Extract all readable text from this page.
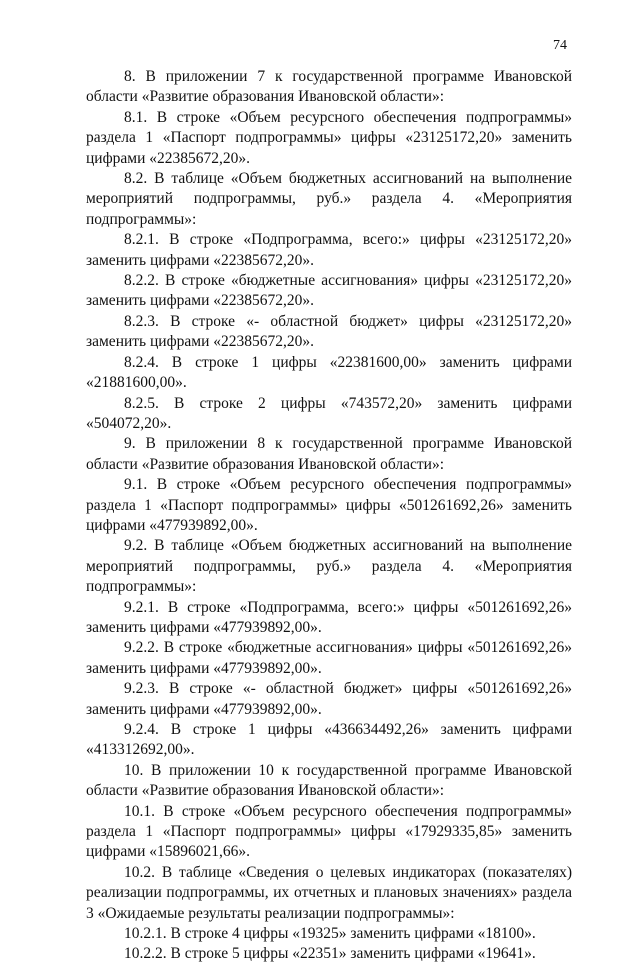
74

8. В приложении 7 к государственной программе Ивановской области «Развитие образования Ивановской области»:

8.1. В строке «Объем ресурсного обеспечения подпрограммы» раздела 1 «Паспорт подпрограммы» цифры «23125172,20» заменить цифрами «22385672,20».

8.2. В таблице «Объем бюджетных ассигнований на выполнение мероприятий подпрограммы, руб.» раздела 4. «Мероприятия подпрограммы»:

8.2.1. В строке «Подпрограмма, всего:» цифры «23125172,20» заменить цифрами «22385672,20».

8.2.2. В строке «бюджетные ассигнования» цифры «23125172,20» заменить цифрами «22385672,20».

8.2.3. В строке «- областной бюджет» цифры «23125172,20» заменить цифрами «22385672,20».

8.2.4. В строке 1 цифры «22381600,00» заменить цифрами «21881600,00».

8.2.5. В строке 2 цифры «743572,20» заменить цифрами «504072,20».

9. В приложении 8 к государственной программе Ивановской области «Развитие образования Ивановской области»:

9.1. В строке «Объем ресурсного обеспечения подпрограммы» раздела 1 «Паспорт подпрограммы» цифры «501261692,26» заменить цифрами «477939892,00».

9.2. В таблице «Объем бюджетных ассигнований на выполнение мероприятий подпрограммы, руб.» раздела 4. «Мероприятия подпрограммы»:

9.2.1. В строке «Подпрограмма, всего:» цифры «501261692,26» заменить цифрами «477939892,00».

9.2.2. В строке «бюджетные ассигнования» цифры «501261692,26» заменить цифрами «477939892,00».

9.2.3. В строке «- областной бюджет» цифры «501261692,26» заменить цифрами «477939892,00».

9.2.4. В строке 1 цифры «436634492,26» заменить цифрами «413312692,00».

10. В приложении 10 к государственной программе Ивановской области «Развитие образования Ивановской области»:

10.1. В строке «Объем ресурсного обеспечения подпрограммы» раздела 1 «Паспорт подпрограммы» цифры «17929335,85» заменить цифрами «15896021,66».

10.2. В таблице «Сведения о целевых индикаторах (показателях) реализации подпрограммы, их отчетных и плановых значениях» раздела 3 «Ожидаемые результаты реализации подпрограммы»:

10.2.1. В строке 4 цифры «19325» заменить цифрами «18100».

10.2.2. В строке 5 цифры «22351» заменить цифрами «19641».
